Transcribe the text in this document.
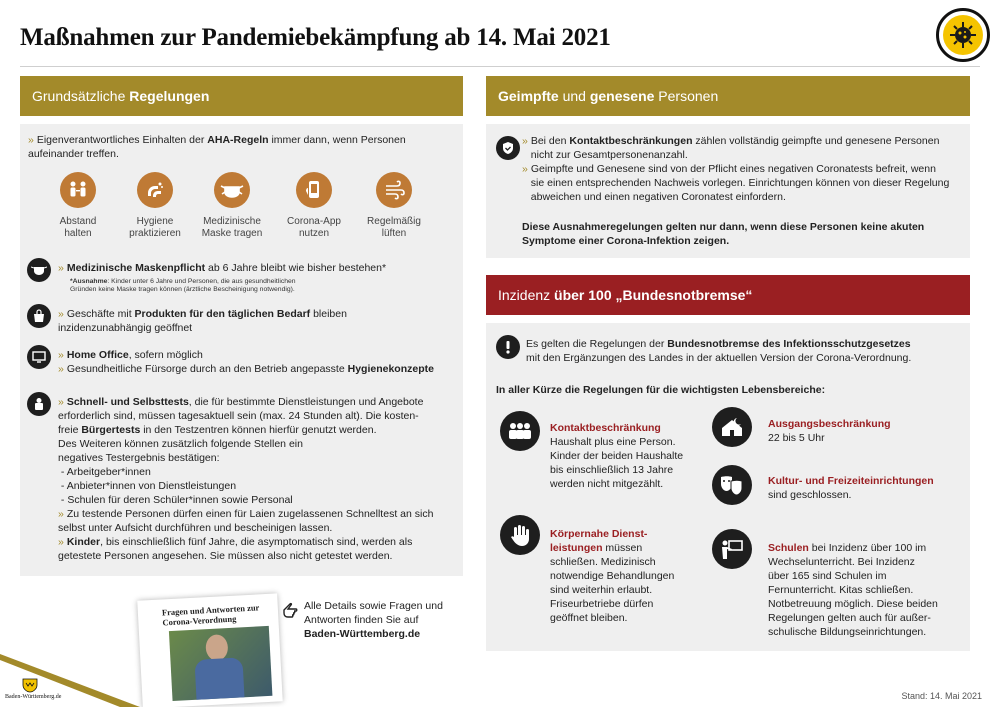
Maßnahmen zur Pandemiebekämpfung ab 14. Mai 2021
Grundsätzliche
Regelungen
» Eigenverantwortliches Einhalten der AHA-Regeln immer dann, wenn Personen
aufeinander treffen.
Abstand
halten
Hygiene
praktizieren
Medizinische
Maske tragen
Corona-App
nutzen
Regelmäßig
lüften
» Medizinische Maskenpflicht ab 6 Jahre bleibt wie bisher bestehen*
*Ausnahme: Kinder unter 6 Jahre und Personen, die aus gesundheitlichen
Gründen keine Maske tragen können (ärztliche Bescheinigung notwendig).
» Geschäfte mit Produkten für den täglichen Bedarf bleiben
inzidenzunabhängig geöffnet
» Home Office, sofern möglich
» Gesundheitliche Fürsorge durch an den Betrieb angepasste Hygienekonzepte
» Schnell- und Selbsttests, die für bestimmte Dienstleistungen und Angebote
erforderlich sind, müssen tagesaktuell sein (max. 24 Stunden alt). Die kosten-
freie Bürgertests in den Testzentren können hierfür genutzt werden.
Des Weiteren können zusätzlich folgende Stellen ein
negatives Testergebnis bestätigen:
- Arbeitgeber*innen
- Anbieter*innen von Dienstleistungen
- Schulen für deren Schüler*innen sowie Personal
» Zu testende Personen dürfen einen für Laien zugelassenen Schnelltest an sich
selbst unter Aufsicht durchführen und bescheinigen lassen.
» Kinder, bis einschließlich fünf Jahre, die asymptomatisch sind, werden als
getestete Personen angesehen. Sie müssen also nicht getestet werden.
Fragen und Antworten zur
Corona-Verordnung
Alle Details sowie Fragen und
Antworten finden Sie auf
Baden-Württemberg.de
Baden-Württemberg.de
Geimpfte und genesene Personen
» Bei den Kontaktbeschränkungen zählen vollständig geimpfte und genesene Personen
nicht zur Gesamtpersonenanzahl.
» Geimpfte und Genesene sind von der Pflicht eines negativen Coronatests befreit, wenn
sie einen entsprechenden Nachweis vorlegen. Einrichtungen können von dieser Regelung
abweichen und einen negativen Coronatest einfordern.
Diese Ausnahmeregelungen gelten nur dann, wenn diese Personen keine akuten
Symptome einer Corona-Infektion zeigen.
Inzidenz über 100 „Bundesnotbremse“
Es gelten die Regelungen der Bundesnotbremse des Infektionsschutzgesetzes
mit den Ergänzungen des Landes in der aktuellen Version der Corona-Verordnung.
In aller Kürze die Regelungen für die wichtigsten Lebensbereiche:
Kontaktbeschränkung
Haushalt plus eine Person.
Kinder der beiden Haushalte
bis einschließlich 13 Jahre
werden nicht mitgezählt.
Ausgangsbeschränkung
22 bis 5 Uhr
Kultur- und Freizeiteinrichtungen
sind geschlossen.
Körpernahe Dienst-
leistungen müssen
schließen. Medizinisch
notwendige Behandlungen
sind weiterhin erlaubt.
Friseurbetriebe dürfen
geöffnet bleiben.
Schulen bei Inzidenz über 100 im
Wechselunterricht. Bei Inzidenz
über 165 sind Schulen im
Fernunterricht. Kitas schließen.
Notbetreuung möglich. Diese beiden
Regelungen gelten auch für außer-
schulische Bildungseinrichtungen.
Stand: 14. Mai 2021
